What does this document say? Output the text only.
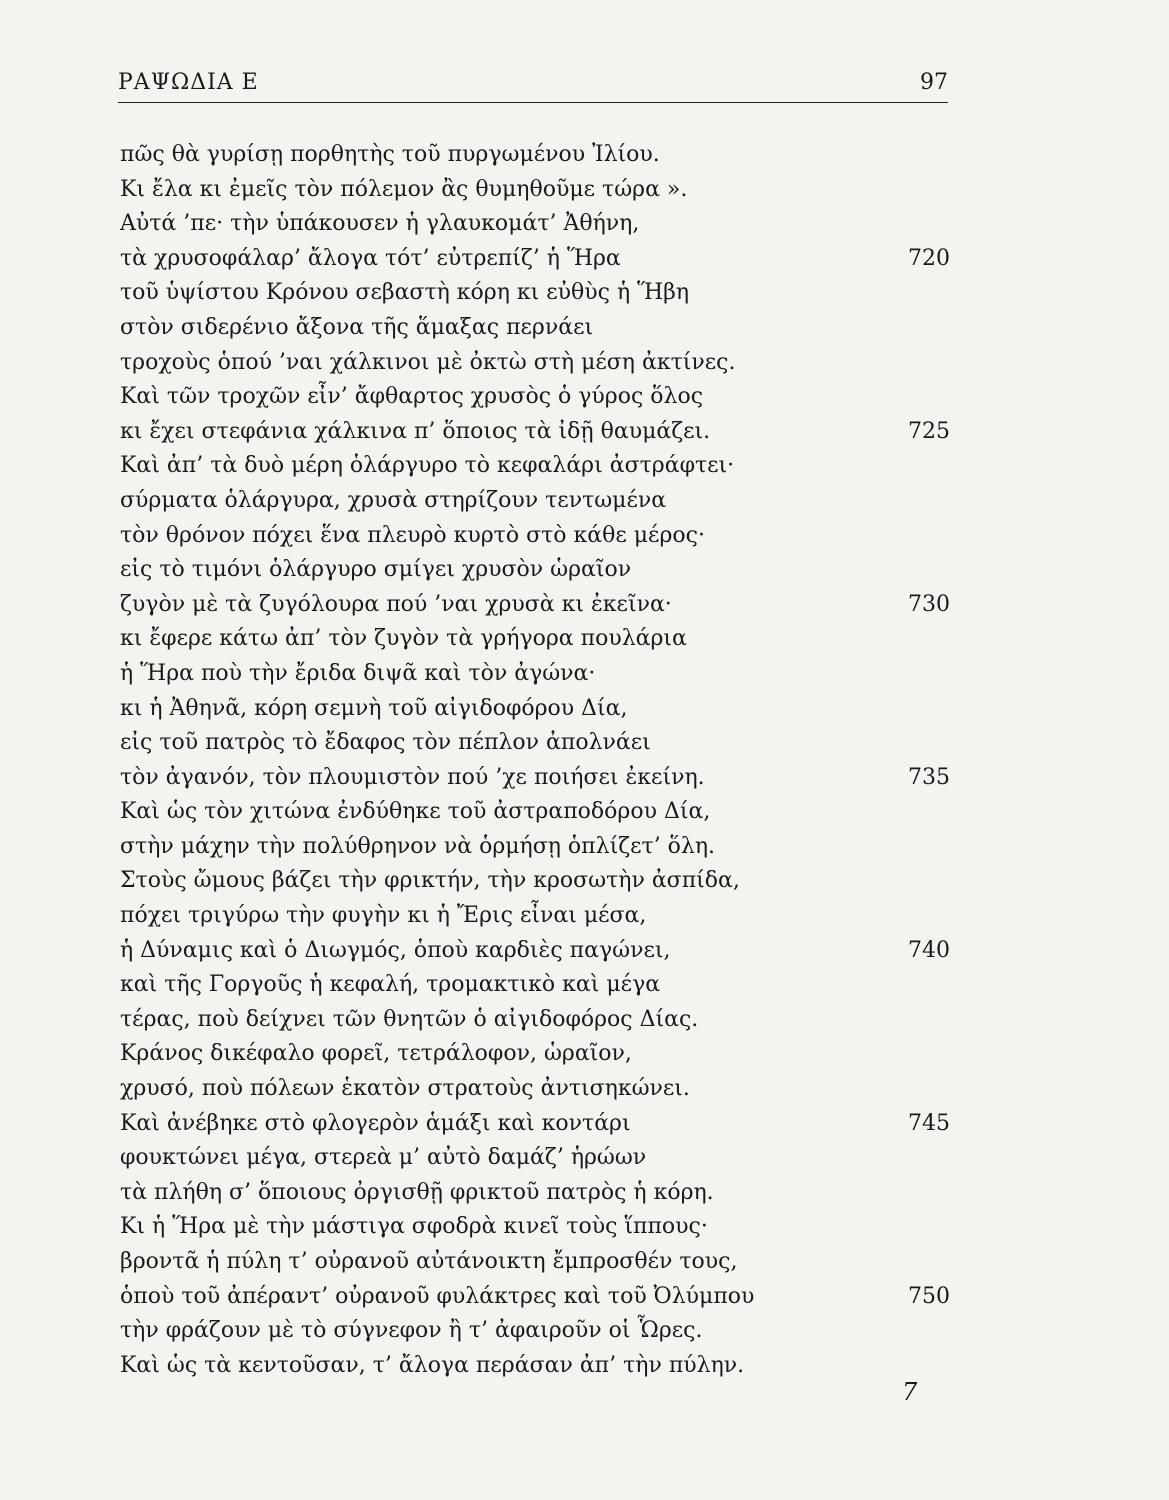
ΡΑΨΩΔΙΑ Ε	97
πῶς θὰ γυρίσῃ πορθητὴς τοῦ πυργωμένου Ἰλίου.
Κι ἔλα κι ἐμεῖς τὸν πόλεμον ἂς θυμηθοῦμε τώρα ».
Αὐτά ’πε· τὴν ὑπάκουσεν ἡ γλαυκομάτ’ Ἀθήνη,
τὰ χρυσοφάλαρ’ ἄλογα τότ’ εὐτρεπίζ’ ἡ Ἥρα	720
τοῦ ὑψίστου Κρόνου σεβαστὴ κόρη κι εὐθὺς ἡ Ἥβη
στὸν σιδερένιο ἄξονα τῆς ἅμαξας περνάει
τροχοὺς ὁπού ’ναι χάλκινοι μὲ ὀκτὼ στὴ μέση ἀκτίνες.
Καὶ τῶν τροχῶν εἶν’ ἄφθαρτος χρυσὸς ὁ γύρος ὅλος
κι ἔχει στεφάνια χάλκινα π’ ὅποιος τὰ ἰδῇ θαυμάζει.	725
Καὶ ἀπ’ τὰ δυὸ μέρη ὁλάργυρο τὸ κεφαλάρι ἀστράφτει·
σύρματα ὁλάργυρα, χρυσὰ στηρίζουν τεντωμένα
τὸν θρόνον πόχει ἕνα πλευρὸ κυρτὸ στὸ κάθε μέρος·
εἰς τὸ τιμόνι ὁλάργυρο σμίγει χρυσὸν ὡραῖον
ζυγὸν μὲ τὰ ζυγόλουρα πού ’ναι χρυσὰ κι ἐκεῖνα·	730
κι ἔφερε κάτω ἀπ’ τὸν ζυγὸν τὰ γρήγορα πουλάρια
ἡ Ἥρα ποὺ τὴν ἔριδα διψᾶ καὶ τὸν ἀγώνα·
κι ἡ Ἀθηνᾶ, κόρη σεμνὴ τοῦ αἰγιδοφόρου Δία,
εἰς τοῦ πατρὸς τὸ ἔδαφος τὸν πέπλον ἀπολνάει
τὸν ἀγανόν, τὸν πλουμιστὸν πού ’χε ποιήσει ἐκείνη.	735
Καὶ ὡς τὸν χιτώνα ἐνδύθηκε τοῦ ἀστραποδόρου Δία,
στὴν μάχην τὴν πολύθρηνον νὰ ὁρμήσῃ ὁπλίζετ’ ὅλη.
Στοὺς ὤμους βάζει τὴν φρικτήν, τὴν κροσωτὴν ἀσπίδα,
πόχει τριγύρω τὴν φυγὴν κι ἡ Ἔρις εἶναι μέσα,
ἡ Δύναμις καὶ ὁ Διωγμός, ὁποὺ καρδιὲς παγώνει,	740
καὶ τῆς Γοργοῦς ἡ κεφαλή, τρομακτικὸ καὶ μέγα
τέρας, ποὺ δείχνει τῶν θνητῶν ὁ αἰγιδοφόρος Δίας.
Κράνος δικέφαλο φορεῖ, τετράλοφον, ὡραῖον,
χρυσό, ποὺ πόλεων ἑκατὸν στρατοὺς ἀντισηκώνει.
Καὶ ἀνέβηκε στὸ φλογερὸν ἁμάξι καὶ κοντάρι	745
φουκτώνει μέγα, στερεὰ μ’ αὐτὸ δαμάζ’ ἡρώων
τὰ πλήθη σ’ ὅποιους ὀργισθῇ φρικτοῦ πατρὸς ἡ κόρη.
Κι ἡ Ἥρα μὲ τὴν μάστιγα σφοδρὰ κινεῖ τοὺς ἵππους·
βροντᾶ ἡ πύλη τ’ οὐρανοῦ αὐτάνοικτη ἔμπροσθέν τους,
ὁποὺ τοῦ ἀπέραντ’ οὐρανοῦ φυλάκτρες καὶ τοῦ Ὀλύμπου	750
τὴν φράζουν μὲ τὸ σύγνεφον ἢ τ’ ἀφαιροῦν οἱ Ὧρες.
Καὶ ὡς τὰ κεντοῦσαν, τ’ ἄλογα περάσαν ἀπ’ τὴν πύλην.
7
